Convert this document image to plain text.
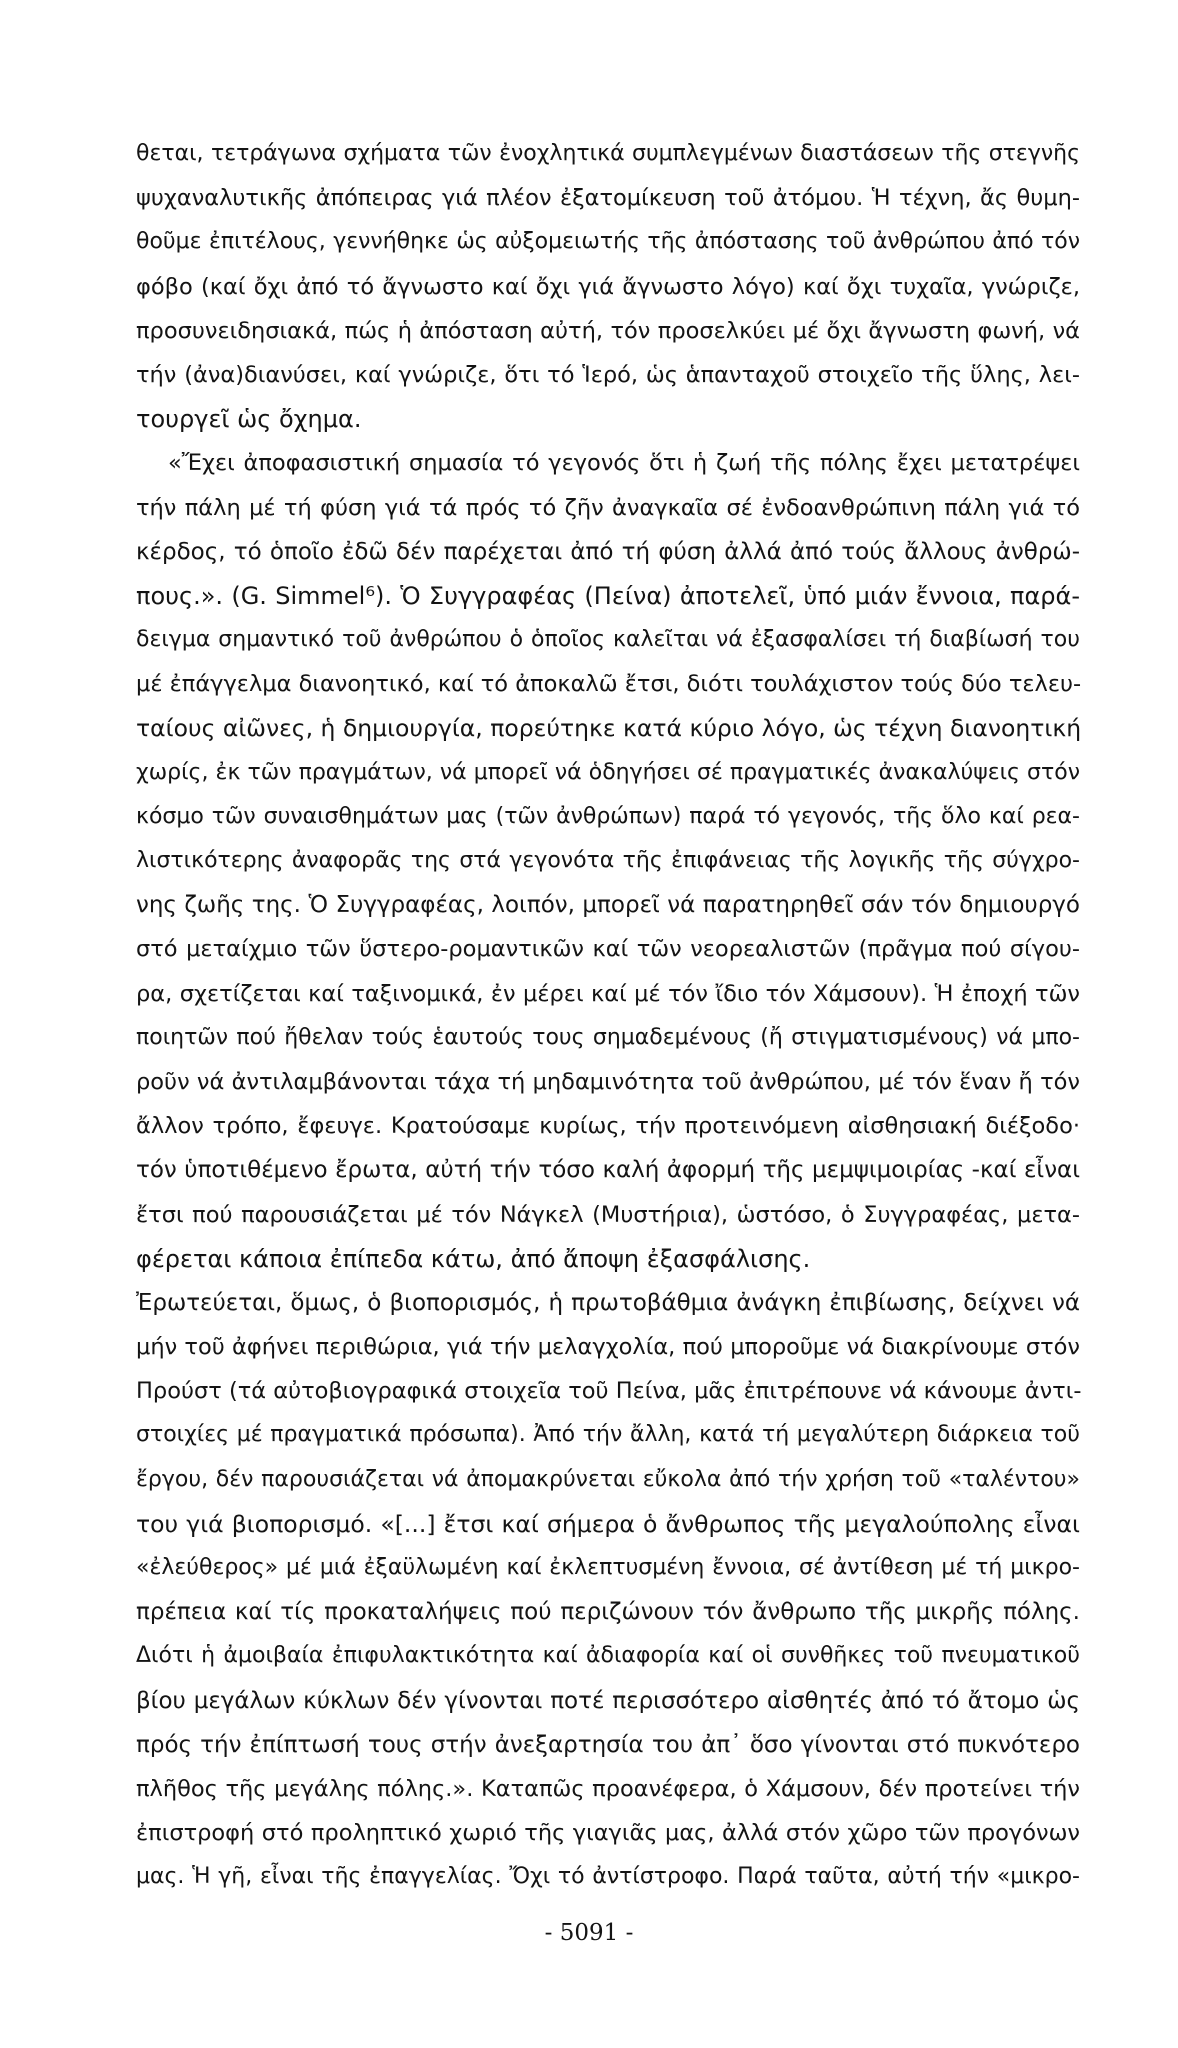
θεται, τετράγωνα σχήματα τῶν ἐνοχλητικά συμπλεγμένων διαστάσεων τῆς στεγνῆς
ψυχαναλυτικῆς ἀπόπειρας γιά πλέον ἐξατομίκευση τοῦ ἀτόμου. Ἡ τέχνη, ἄς θυμη-
θοῦμε ἐπιτέλους, γεννήθηκε ὡς αὐξομειωτής τῆς ἀπόστασης τοῦ ἀνθρώπου ἀπό τόν
φόβο (καί ὄχι ἀπό τό ἄγνωστο καί ὄχι γιά ἄγνωστο λόγο) καί ὄχι τυχαῖα, γνώριζε,
προσυνειδησιακά, πώς ἡ ἀπόσταση αὐτή, τόν προσελκύει μέ ὄχι ἄγνωστη φωνή, νά
τήν (ἀνα)διανύσει, καί γνώριζε, ὅτι τό Ἱερό, ὡς ἁπανταχοῦ στοιχεῖο τῆς ὕλης, λει-
τουργεῖ ὡς ὄχημα.
«Ἔχει ἀποφασιστική σημασία τό γεγονός ὅτι ἡ ζωή τῆς πόλης ἔχει μετατρέψει
τήν πάλη μέ τή φύση γιά τά πρός τό ζῆν ἀναγκαῖα σέ ἐνδοανθρώπινη πάλη γιά τό
κέρδος, τό ὁποῖο ἐδῶ δέν παρέχεται ἀπό τή φύση ἀλλά ἀπό τούς ἄλλους ἀνθρώ-
πους.». (G. Simmel⁶). Ὁ Συγγραφέας (Πείνα) ἀποτελεῖ, ὑπό μιάν ἔννοια, παρά-
δειγμα σημαντικό τοῦ ἀνθρώπου ὁ ὁποῖος καλεῖται νά ἐξασφαλίσει τή διαβίωσή του
μέ ἐπάγγελμα διανοητικό, καί τό ἀποκαλῶ ἔτσι, διότι τουλάχιστον τούς δύο τελευ-
ταίους αἰῶνες, ἡ δημιουργία, πορεύτηκε κατά κύριο λόγο, ὡς τέχνη διανοητική
χωρίς, ἐκ τῶν πραγμάτων, νά μπορεῖ νά ὁδηγήσει σέ πραγματικές ἀνακαλύψεις στόν
κόσμο τῶν συναισθημάτων μας (τῶν ἀνθρώπων) παρά τό γεγονός, τῆς ὅλο καί ρεα-
λιστικότερης ἀναφορᾶς της στά γεγονότα τῆς ἐπιφάνειας τῆς λογικῆς τῆς σύγχρο-
νης ζωῆς της. Ὁ Συγγραφέας, λοιπόν, μπορεῖ νά παρατηρηθεῖ σάν τόν δημιουργό
στό μεταίχμιο τῶν ὕστερο-ρομαντικῶν καί τῶν νεορεαλιστῶν (πρᾶγμα πού σίγου-
ρα, σχετίζεται καί ταξινομικά, ἐν μέρει καί μέ τόν ἴδιο τόν Χάμσουν). Ἡ ἐποχή τῶν
ποιητῶν πού ἤθελαν τούς ἑαυτούς τους σημαδεμένους (ἤ στιγματισμένους) νά μπο-
ροῦν νά ἀντιλαμβάνονται τάχα τή μηδαμινότητα τοῦ ἀνθρώπου, μέ τόν ἕναν ἤ τόν
ἄλλον τρόπο, ἔφευγε. Κρατούσαμε κυρίως, τήν προτεινόμενη αἰσθησιακή διέξοδο·
τόν ὑποτιθέμενο ἔρωτα, αὐτή τήν τόσο καλή ἀφορμή τῆς μεμψιμοιρίας -καί εἶναι
ἔτσι πού παρουσιάζεται μέ τόν Νάγκελ (Μυστήρια), ὡστόσο, ὁ Συγγραφέας, μετα-
φέρεται κάποια ἐπίπεδα κάτω, ἀπό ἄποψη ἐξασφάλισης.
Ἐρωτεύεται, ὅμως, ὁ βιοπορισμός, ἡ πρωτοβάθμια ἀνάγκη ἐπιβίωσης, δείχνει νά
μήν τοῦ ἀφήνει περιθώρια, γιά τήν μελαγχολία, πού μποροῦμε νά διακρίνουμε στόν
Προύστ (τά αὐτοβιογραφικά στοιχεῖα τοῦ Πείνα, μᾶς ἐπιτρέπουνε νά κάνουμε ἀντι-
στοιχίες μέ πραγματικά πρόσωπα). Ἀπό τήν ἄλλη, κατά τή μεγαλύτερη διάρκεια τοῦ
ἔργου, δέν παρουσιάζεται νά ἀπομακρύνεται εὔκολα ἀπό τήν χρήση τοῦ «ταλέντου»
του γιά βιοπορισμό. «[...] ἔτσι καί σήμερα ὁ ἄνθρωπος τῆς μεγαλούπολης εἶναι
«ἐλεύθερος» μέ μιά ἐξαϋλωμένη καί ἐκλεπτυσμένη ἔννοια, σέ ἀντίθεση μέ τή μικρο-
πρέπεια καί τίς προκαταλήψεις πού περιζώνουν τόν ἄνθρωπο τῆς μικρῆς πόλης.
Διότι ἡ ἀμοιβαία ἐπιφυλακτικότητα καί ἀδιαφορία καί οἱ συνθῆκες τοῦ πνευματικοῦ
βίου μεγάλων κύκλων δέν γίνονται ποτέ περισσότερο αἰσθητές ἀπό τό ἄτομο ὡς
πρός τήν ἐπίπτωσή τους στήν ἀνεξαρτησία του ἀπ᾿ ὅσο γίνονται στό πυκνότερο
πλῆθος τῆς μεγάλης πόλης.». Καταπῶς προανέφερα, ὁ Χάμσουν, δέν προτείνει τήν
ἐπιστροφή στό προληπτικό χωριό τῆς γιαγιᾶς μας, ἀλλά στόν χῶρο τῶν προγόνων
μας. Ἡ γῆ, εἶναι τῆς ἐπαγγελίας. Ὄχι τό ἀντίστροφο. Παρά ταῦτα, αὐτή τήν «μικρο-
- 5091 -
